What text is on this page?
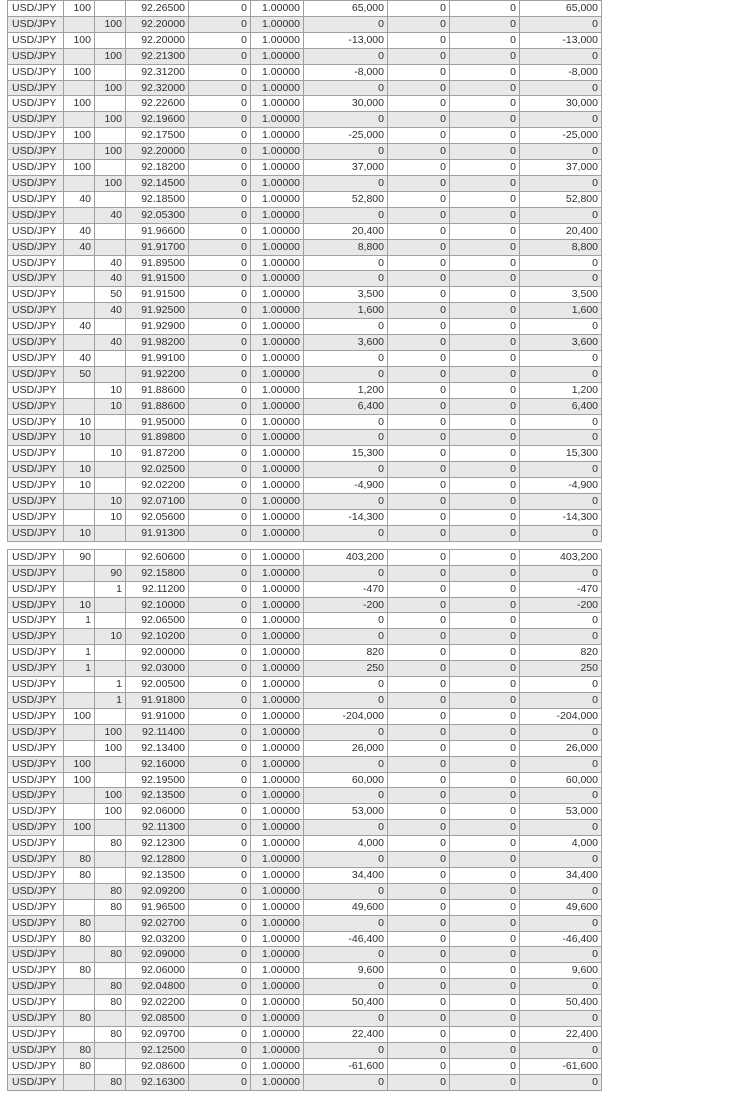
USD/JPY	100		92.26500	0	1.00000	65,000	0	0	65,000
USD/JPY		100	92.20000	0	1.00000	0	0	0	0
USD/JPY	100		92.20000	0	1.00000	-13,000	0	0	-13,000
USD/JPY		100	92.21300	0	1.00000	0	0	0	0
USD/JPY	100		92.31200	0	1.00000	-8,000	0	0	-8,000
USD/JPY		100	92.32000	0	1.00000	0	0	0	0
USD/JPY	100		92.22600	0	1.00000	30,000	0	0	30,000
USD/JPY		100	92.19600	0	1.00000	0	0	0	0
USD/JPY	100		92.17500	0	1.00000	-25,000	0	0	-25,000
USD/JPY		100	92.20000	0	1.00000	0	0	0	0
USD/JPY	100		92.18200	0	1.00000	37,000	0	0	37,000
USD/JPY		100	92.14500	0	1.00000	0	0	0	0
USD/JPY	40		92.18500	0	1.00000	52,800	0	0	52,800
USD/JPY		40	92.05300	0	1.00000	0	0	0	0
USD/JPY	40		91.96600	0	1.00000	20,400	0	0	20,400
USD/JPY	40		91.91700	0	1.00000	8,800	0	0	8,800
USD/JPY		40	91.89500	0	1.00000	0	0	0	0
USD/JPY		40	91.91500	0	1.00000	0	0	0	0
USD/JPY		50	91.91500	0	1.00000	3,500	0	0	3,500
USD/JPY		40	91.92500	0	1.00000	1,600	0	0	1,600
USD/JPY	40		91.92900	0	1.00000	0	0	0	0
USD/JPY		40	91.98200	0	1.00000	3,600	0	0	3,600
USD/JPY	40		91.99100	0	1.00000	0	0	0	0
USD/JPY	50		91.92200	0	1.00000	0	0	0	0
USD/JPY		10	91.88600	0	1.00000	1,200	0	0	1,200
USD/JPY		10	91.88600	0	1.00000	6,400	0	0	6,400
USD/JPY	10		91.95000	0	1.00000	0	0	0	0
USD/JPY	10		91.89800	0	1.00000	0	0	0	0
USD/JPY		10	91.87200	0	1.00000	15,300	0	0	15,300
USD/JPY	10		92.02500	0	1.00000	0	0	0	0
USD/JPY	10		92.02200	0	1.00000	-4,900	0	0	-4,900
USD/JPY		10	92.07100	0	1.00000	0	0	0	0
USD/JPY		10	92.05600	0	1.00000	-14,300	0	0	-14,300
USD/JPY	10		91.91300	0	1.00000	0	0	0	0
USD/JPY	90		92.60600	0	1.00000	403,200	0	0	403,200
USD/JPY		90	92.15800	0	1.00000	0	0	0	0
USD/JPY		1	92.11200	0	1.00000	-470	0	0	-470
USD/JPY	10		92.10000	0	1.00000	-200	0	0	-200
USD/JPY	1		92.06500	0	1.00000	0	0	0	0
USD/JPY		10	92.10200	0	1.00000	0	0	0	0
USD/JPY	1		92.00000	0	1.00000	820	0	0	820
USD/JPY	1		92.03000	0	1.00000	250	0	0	250
USD/JPY		1	92.00500	0	1.00000	0	0	0	0
USD/JPY		1	91.91800	0	1.00000	0	0	0	0
USD/JPY	100		91.91000	0	1.00000	-204,000	0	0	-204,000
USD/JPY		100	92.11400	0	1.00000	0	0	0	0
USD/JPY		100	92.13400	0	1.00000	26,000	0	0	26,000
USD/JPY	100		92.16000	0	1.00000	0	0	0	0
USD/JPY	100		92.19500	0	1.00000	60,000	0	0	60,000
USD/JPY		100	92.13500	0	1.00000	0	0	0	0
USD/JPY		100	92.06000	0	1.00000	53,000	0	0	53,000
USD/JPY	100		92.11300	0	1.00000	0	0	0	0
USD/JPY		80	92.12300	0	1.00000	4,000	0	0	4,000
USD/JPY	80		92.12800	0	1.00000	0	0	0	0
USD/JPY	80		92.13500	0	1.00000	34,400	0	0	34,400
USD/JPY		80	92.09200	0	1.00000	0	0	0	0
USD/JPY		80	91.96500	0	1.00000	49,600	0	0	49,600
USD/JPY	80		92.02700	0	1.00000	0	0	0	0
USD/JPY	80		92.03200	0	1.00000	-46,400	0	0	-46,400
USD/JPY		80	92.09000	0	1.00000	0	0	0	0
USD/JPY	80		92.06000	0	1.00000	9,600	0	0	9,600
USD/JPY		80	92.04800	0	1.00000	0	0	0	0
USD/JPY		80	92.02200	0	1.00000	50,400	0	0	50,400
USD/JPY	80		92.08500	0	1.00000	0	0	0	0
USD/JPY		80	92.09700	0	1.00000	22,400	0	0	22,400
USD/JPY	80		92.12500	0	1.00000	0	0	0	0
USD/JPY	80		92.08600	0	1.00000	-61,600	0	0	-61,600
USD/JPY		80	92.16300	0	1.00000	0	0	0	0
